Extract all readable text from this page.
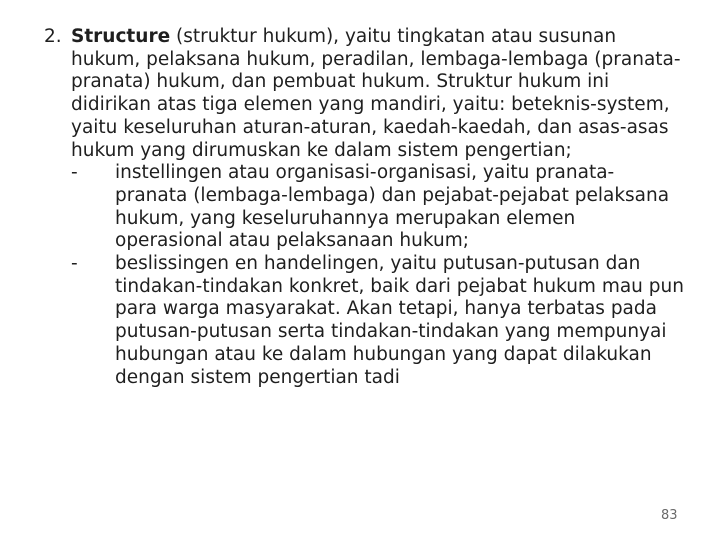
2. Structure (struktur hukum), yaitu tingkatan atau susunan hukum, pelaksana hukum, peradilan, lembaga-lembaga (pranata-pranata) hukum, dan pembuat hukum. Struktur hukum ini didirikan atas tiga elemen yang mandiri, yaitu: beteknis-system, yaitu keseluruhan aturan-aturan, kaedah-kaedah, dan asas-asas hukum yang dirumuskan ke dalam sistem pengertian;
-	instellingen atau organisasi-organisasi, yaitu pranata-pranata (lembaga-lembaga) dan pejabat-pejabat pelaksana hukum, yang keseluruhannya merupakan elemen operasional atau pelaksanaan hukum;
-	beslissingen en handelingen, yaitu putusan-putusan dan tindakan-tindakan konkret, baik dari pejabat hukum mau pun para warga masyarakat. Akan tetapi, hanya terbatas pada putusan-putusan serta tindakan-tindakan yang mempunyai hubungan atau ke dalam hubungan yang dapat dilakukan dengan sistem pengertian tadi
83
